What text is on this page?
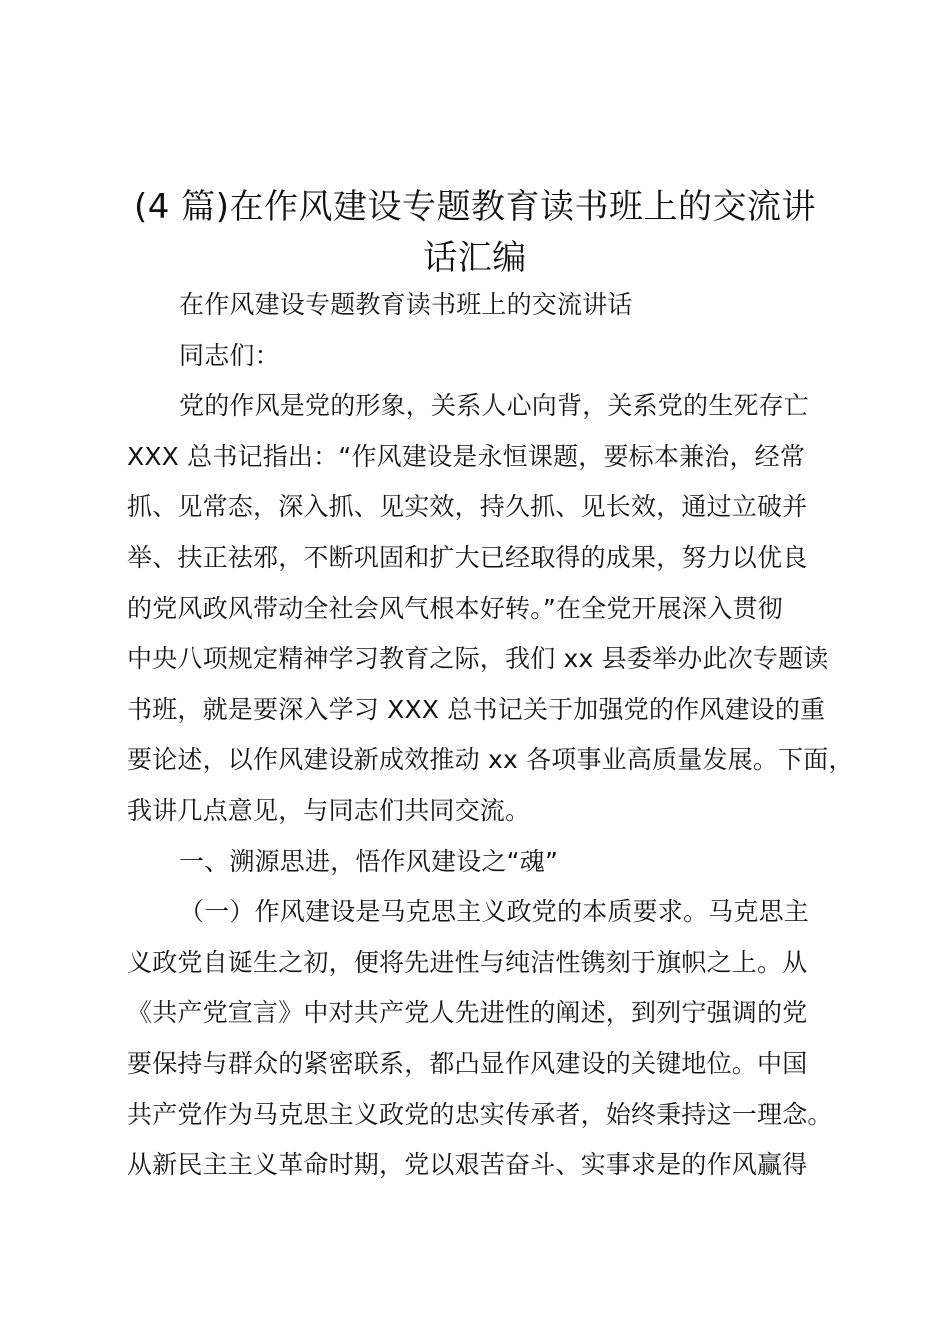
(4 篇)在作风建设专题教育读书班上的交流讲
话汇编
在作风建设专题教育读书班上的交流讲话
同志们：
党的作风是党的形象，关系人心向背，关系党的生死存亡
XXX 总书记指出：“作风建设是永恒课题，要标本兼治，经常
抓、见常态，深入抓、见实效，持久抓、见长效，通过立破并
举、扶正祛邪，不断巩固和扩大已经取得的成果，努力以优良
的党风政风带动全社会风气根本好转。”在全党开展深入贯彻
中央八项规定精神学习教育之际，我们 xx 县委举办此次专题读
书班，就是要深入学习 XXX 总书记关于加强党的作风建设的重
要论述，以作风建设新成效推动 xx 各项事业高质量发展。下面，
我讲几点意见，与同志们共同交流。
一、溯源思进，悟作风建设之“魂”
（一）作风建设是马克思主义政党的本质要求。马克思主
义政党自诞生之初，便将先进性与纯洁性镌刻于旗帜之上。从
《共产党宣言》中对共产党人先进性的阐述，到列宁强调的党
要保持与群众的紧密联系，都凸显作风建设的关键地位。中国
共产党作为马克思主义政党的忠实传承者，始终秉持这一理念。
从新民主主义革命时期，党以艰苦奋斗、实事求是的作风赢得
